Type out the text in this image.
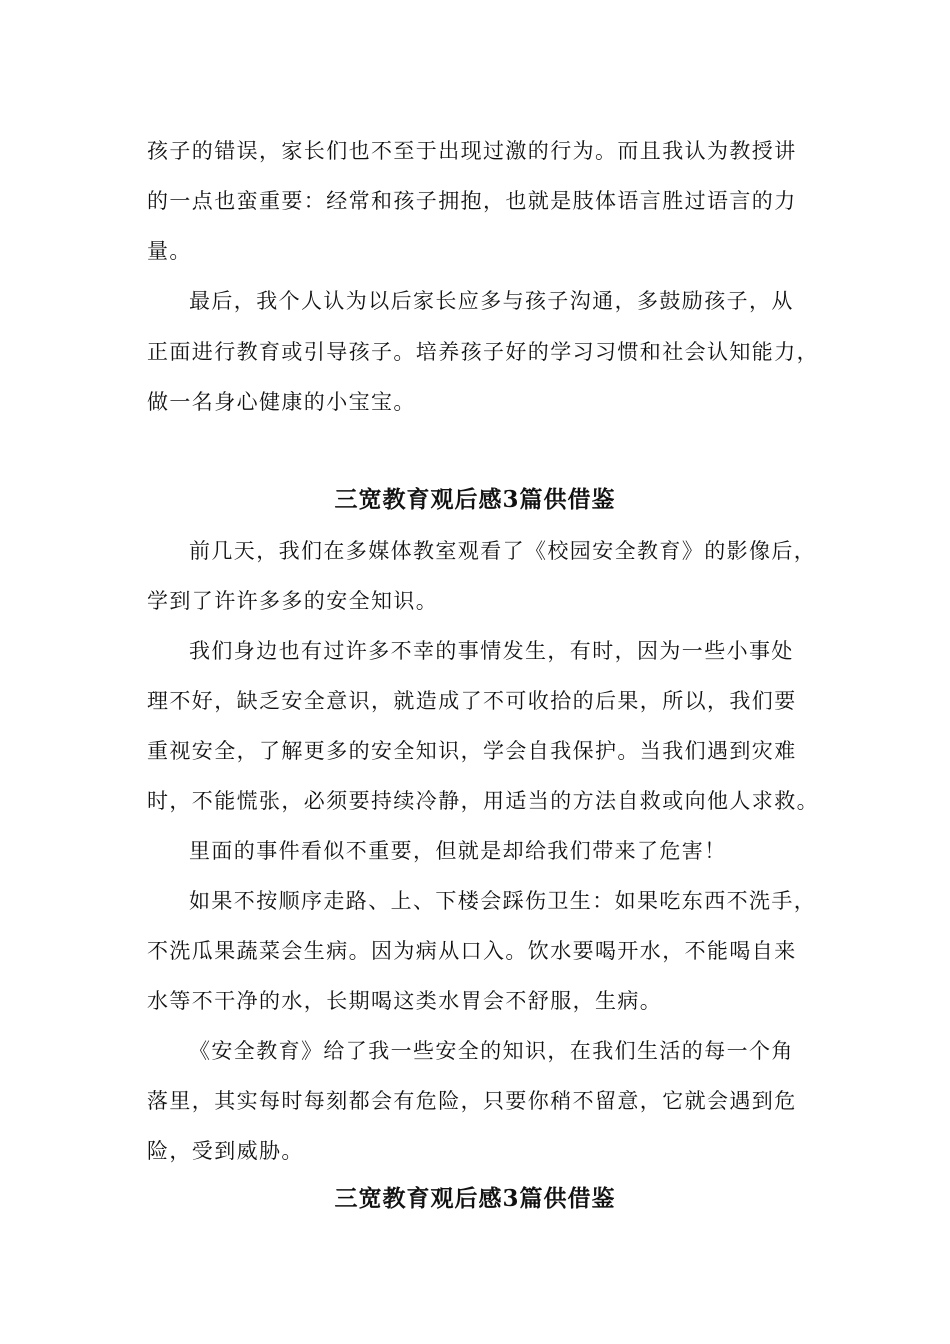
孩子的错误，家长们也不至于出现过激的行为。而且我认为教授讲
的一点也蛮重要：经常和孩子拥抱，也就是肢体语言胜过语言的力
量。
最后，我个人认为以后家长应多与孩子沟通，多鼓励孩子，从
正面进行教育或引导孩子。培养孩子好的学习习惯和社会认知能力，
做一名身心健康的小宝宝。
三宽教育观后感3篇供借鉴
前几天，我们在多媒体教室观看了《校园安全教育》的影像后，
学到了许许多多的安全知识。
我们身边也有过许多不幸的事情发生，有时，因为一些小事处
理不好，缺乏安全意识，就造成了不可收拾的后果，所以，我们要
重视安全，了解更多的安全知识，学会自我保护。当我们遇到灾难
时，不能慌张，必须要持续冷静，用适当的方法自救或向他人求救。
里面的事件看似不重要，但就是却给我们带来了危害！
如果不按顺序走路、上、下楼会踩伤卫生：如果吃东西不洗手，
不洗瓜果蔬菜会生病。因为病从口入。饮水要喝开水，不能喝自来
水等不干净的水，长期喝这类水胃会不舒服，生病。
《安全教育》给了我一些安全的知识，在我们生活的每一个角
落里，其实每时每刻都会有危险，只要你稍不留意，它就会遇到危
险，受到威胁。
三宽教育观后感3篇供借鉴
